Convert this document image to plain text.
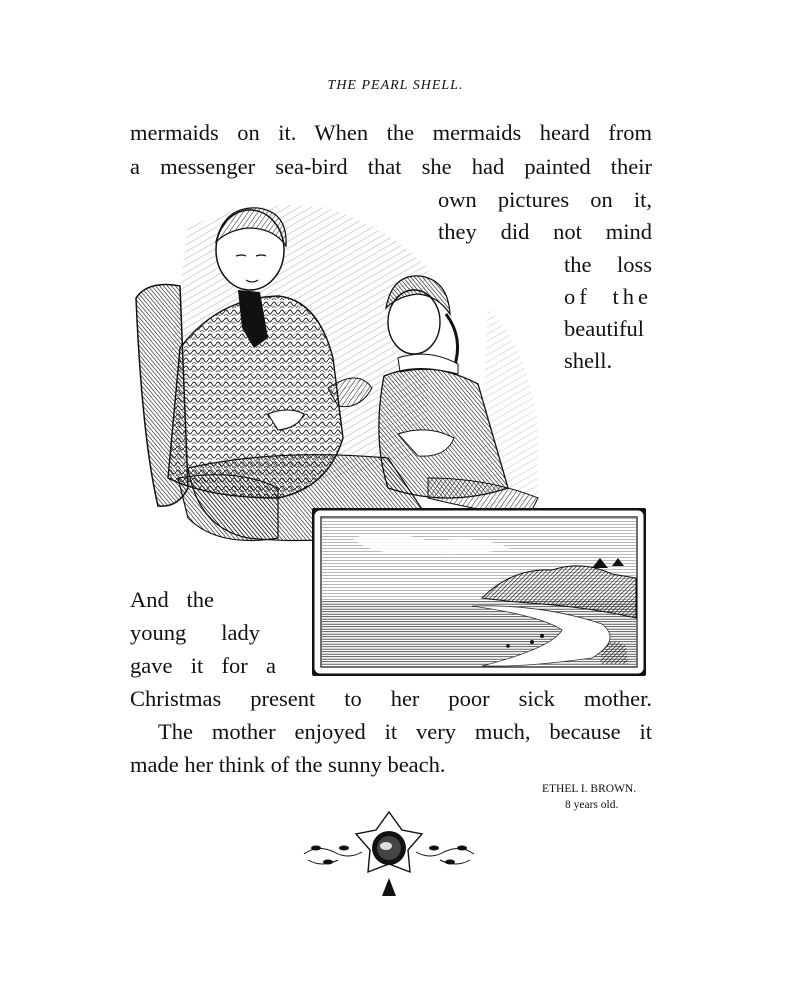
THE PEARL SHELL.
mermaids on it. When the mermaids heard from
a messenger sea-bird that she had painted their
own pictures on it,
they did not mind
the loss
of the
beautiful
shell.
And the
young lady
gave it for a
Christmas present to her poor sick mother.
The mother enjoyed it very much, because it
made her think of the sunny beach.
ETHEL I. BROWN.
8 years old.
